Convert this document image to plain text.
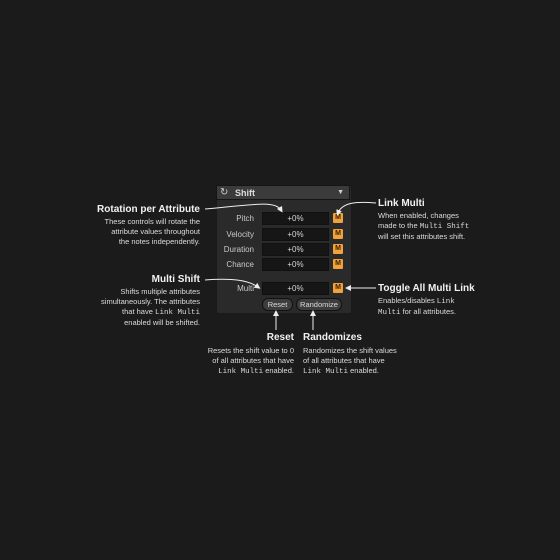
↻ Shift	▼
Pitch	+0%	M
Velocity	+0%	M
Duration	+0%	M
Chance	+0%	M
Multi	+0%	M
Reset	Randomize
Rotation per Attribute
These controls will rotate the
attribute values throughout
the notes independently.
Multi Shift
Shifts multiple attributes
simultaneously. The attributes
that have Link Multi
enabled will be shifted.
Link Multi
When enabled, changes
made to the Multi Shift
will set this attributes shift.
Toggle All Multi Link
Enables/disables Link
Multi for all attributes.
Reset
Resets the shift value to 0
of all attributes that have
Link Multi enabled.
Randomizes
Randomizes the shift values
of all attributes that have
Link Multi enabled.
